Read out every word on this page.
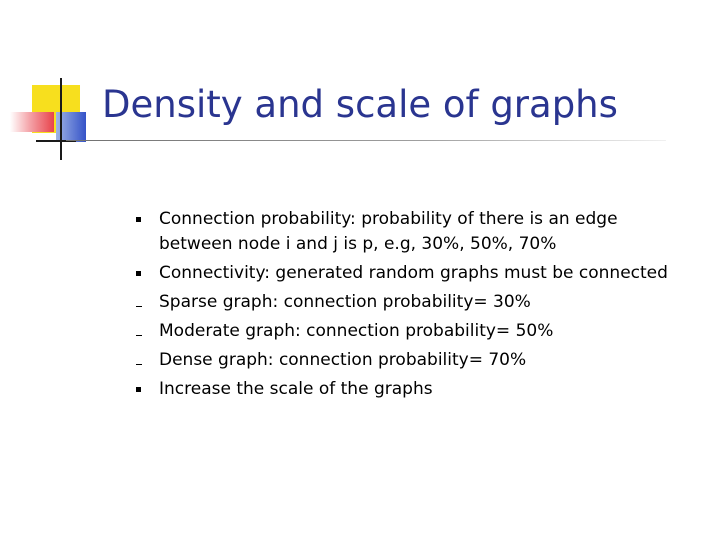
Density and scale of graphs
Connection probability: probability of there is an edge between node i and j is p, e.g, 30%, 50%, 70%
Connectivity: generated random graphs must be connected
Sparse graph: connection probability= 30%
Moderate graph: connection probability= 50%
Dense graph: connection probability= 70%
Increase the scale of the graphs
